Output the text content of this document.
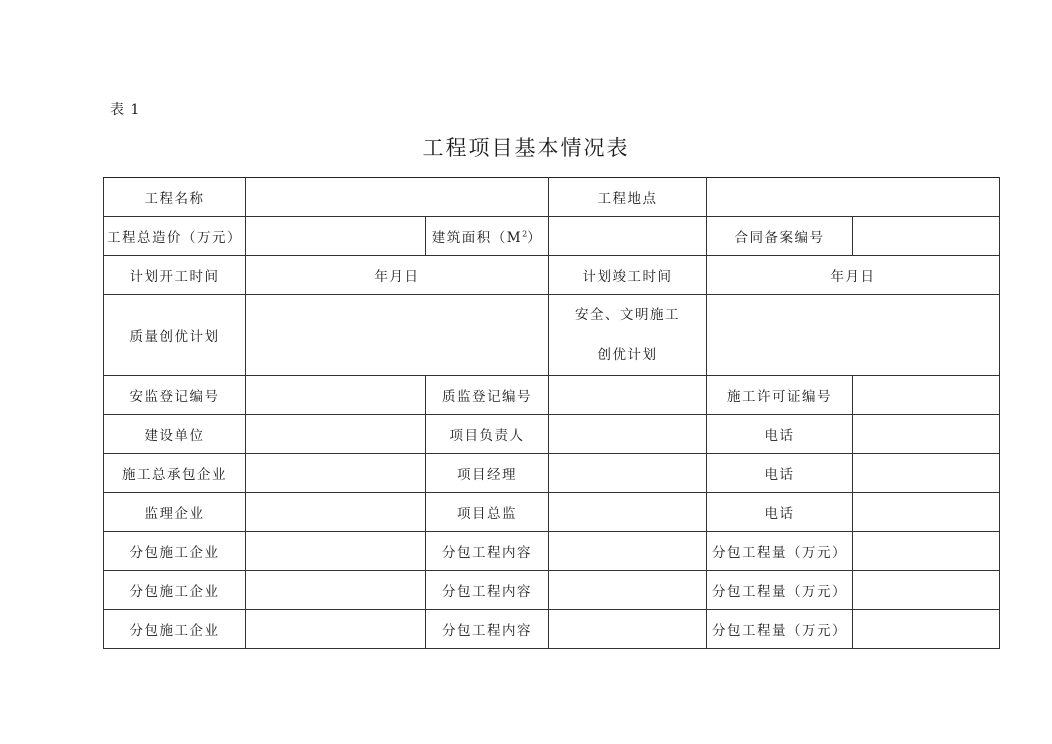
表 1
工程项目基本情况表
工程名称			工程地点		
工程总造价（万元）		建筑面积$(M^2)$		合同备案编号	
计划开工时间	年月日		计划竣工时间	年月日	
质量创优计划			安全、文明施工
创优计划		
安监登记编号		质监登记编号		施工许可证编号	
建设单位		项目负责人		电话	
施工总承包企业		项目经理		电话	
监理企业		项目总监		电话	
分包施工企业		分包工程内容		分包工程量（万元）	
分包施工企业		分包工程内容		分包工程量（万元）	
分包施工企业		分包工程内容		分包工程量（万元）	
